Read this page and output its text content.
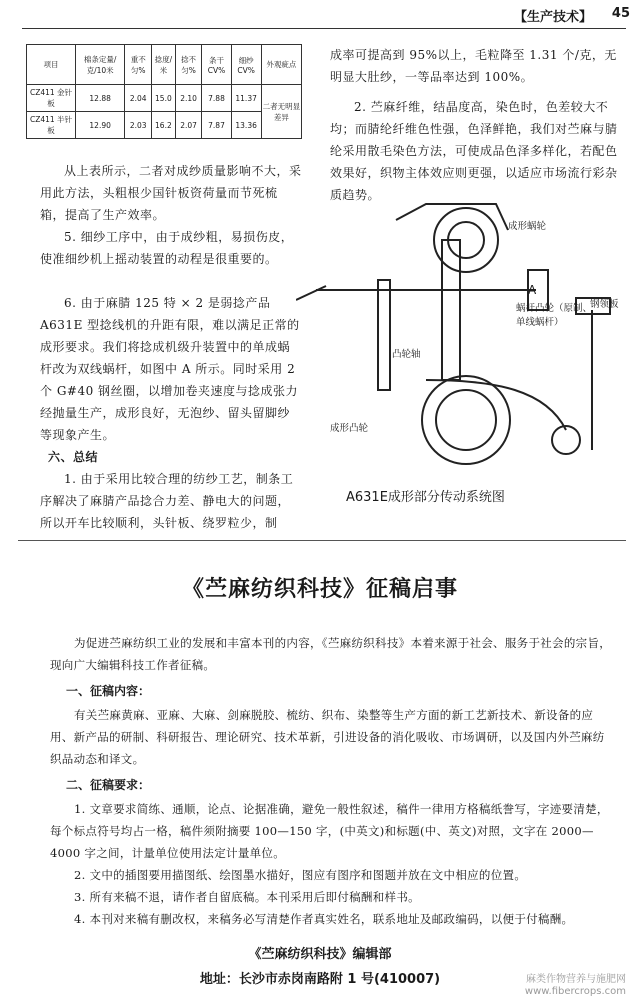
【生产技术】 45
项目	棉条定量/克/10米	重不匀%	捻度/米	捻不匀%	条干CV%	细纱CV%	外观疵点
CZ411 金针板	12.88	2.04	15.0	2.10	7.88	11.37	二者无明显差异
CZ411 半针板	12.90	2.03	16.2	2.07	7.87	13.36	
从上表所示，二者对成纱质量影响不大，采用此方法，头粗根少国针板资荷量而节死梳箱，提高了生产效率。
5. 细纱工序中，由于成纱粗，易损伤皮，使准细纱机上摇动装置的动程是很重要的。
6. 由于麻腈 125 特 × 2 是弱捻产品 A631E 型捻线机的升距有限，难以满足正常的成形要求。我们将捻成机级升装置中的单成蜗杆改为双线蜗杆，如图中 A 所示。同时采用 2 个 G#40 钢丝圈，以增加卷夹速度与捻成张力经抛量生产，成形良好，无泡纱、留头留脚纱等现象产生。
六、总结
1. 由于采用比较合理的纺纱工艺，制条工序解决了麻腈产品捻合力差、静电大的问题，所以开车比较顺利，头针板、绕罗粒少，制
成率可提高到 95%以上，毛粒降至 1.31 个/克，无明显大肚纱，一等品率达到 100%。
2. 苎麻纤维，结晶度高，染色时，色差较大不均；而腈纶纤维色性强，色泽鲜艳，我们对苎麻与腈纶采用散毛染色方法，可使成品色泽多样化，若配色效果好，织物主体效应则更强，以适应市场流行彩杂质趋势。
成形蜗轮
A
蜗杆凸轮（原制、单线蜗杆）
凸轮轴
钢领板
成形凸轮
A631E成形部分传动系统图
《苎麻纺织科技》征稿启事
为促进苎麻纺织工业的发展和丰富本刊的内容，《苎麻纺织科技》本着来源于社会、服务于社会的宗旨，现向广大编辑科技工作者征稿。
一、征稿内容：
有关苎麻黄麻、亚麻、大麻、剑麻脱胶、梳纺、织布、染整等生产方面的新工艺新技术、新设备的应用、新产品的研制、科研报告、理论研究、技术革新，引进设备的消化吸收、市场调研，以及国内外苎麻纺织品动态和译文。
二、征稿要求：
1. 文章要求简练、通顺，论点、论据准确，避免一般性叙述，稿件一律用方格稿纸誊写，字迹要清楚，每个标点符号均占一格，稿件须附摘要 100—150 字，(中英文)和标题(中、英文)对照，文字在 2000—4000 字之间，计量单位使用法定计量单位。
2. 文中的插图要用描图纸、绘图墨水描好，图应有图序和图题并放在文中相应的位置。
3. 所有来稿不退，请作者自留底稿。本刊采用后即付稿酬和样书。
4. 本刊对来稿有删改权，来稿务必写清楚作者真实姓名，联系地址及邮政编码，以便于付稿酬。
《苎麻纺织科技》编辑部
地址：长沙市赤岗南路附 1 号(410007)	麻类作物营养与施肥网
www.fibercrops.com
